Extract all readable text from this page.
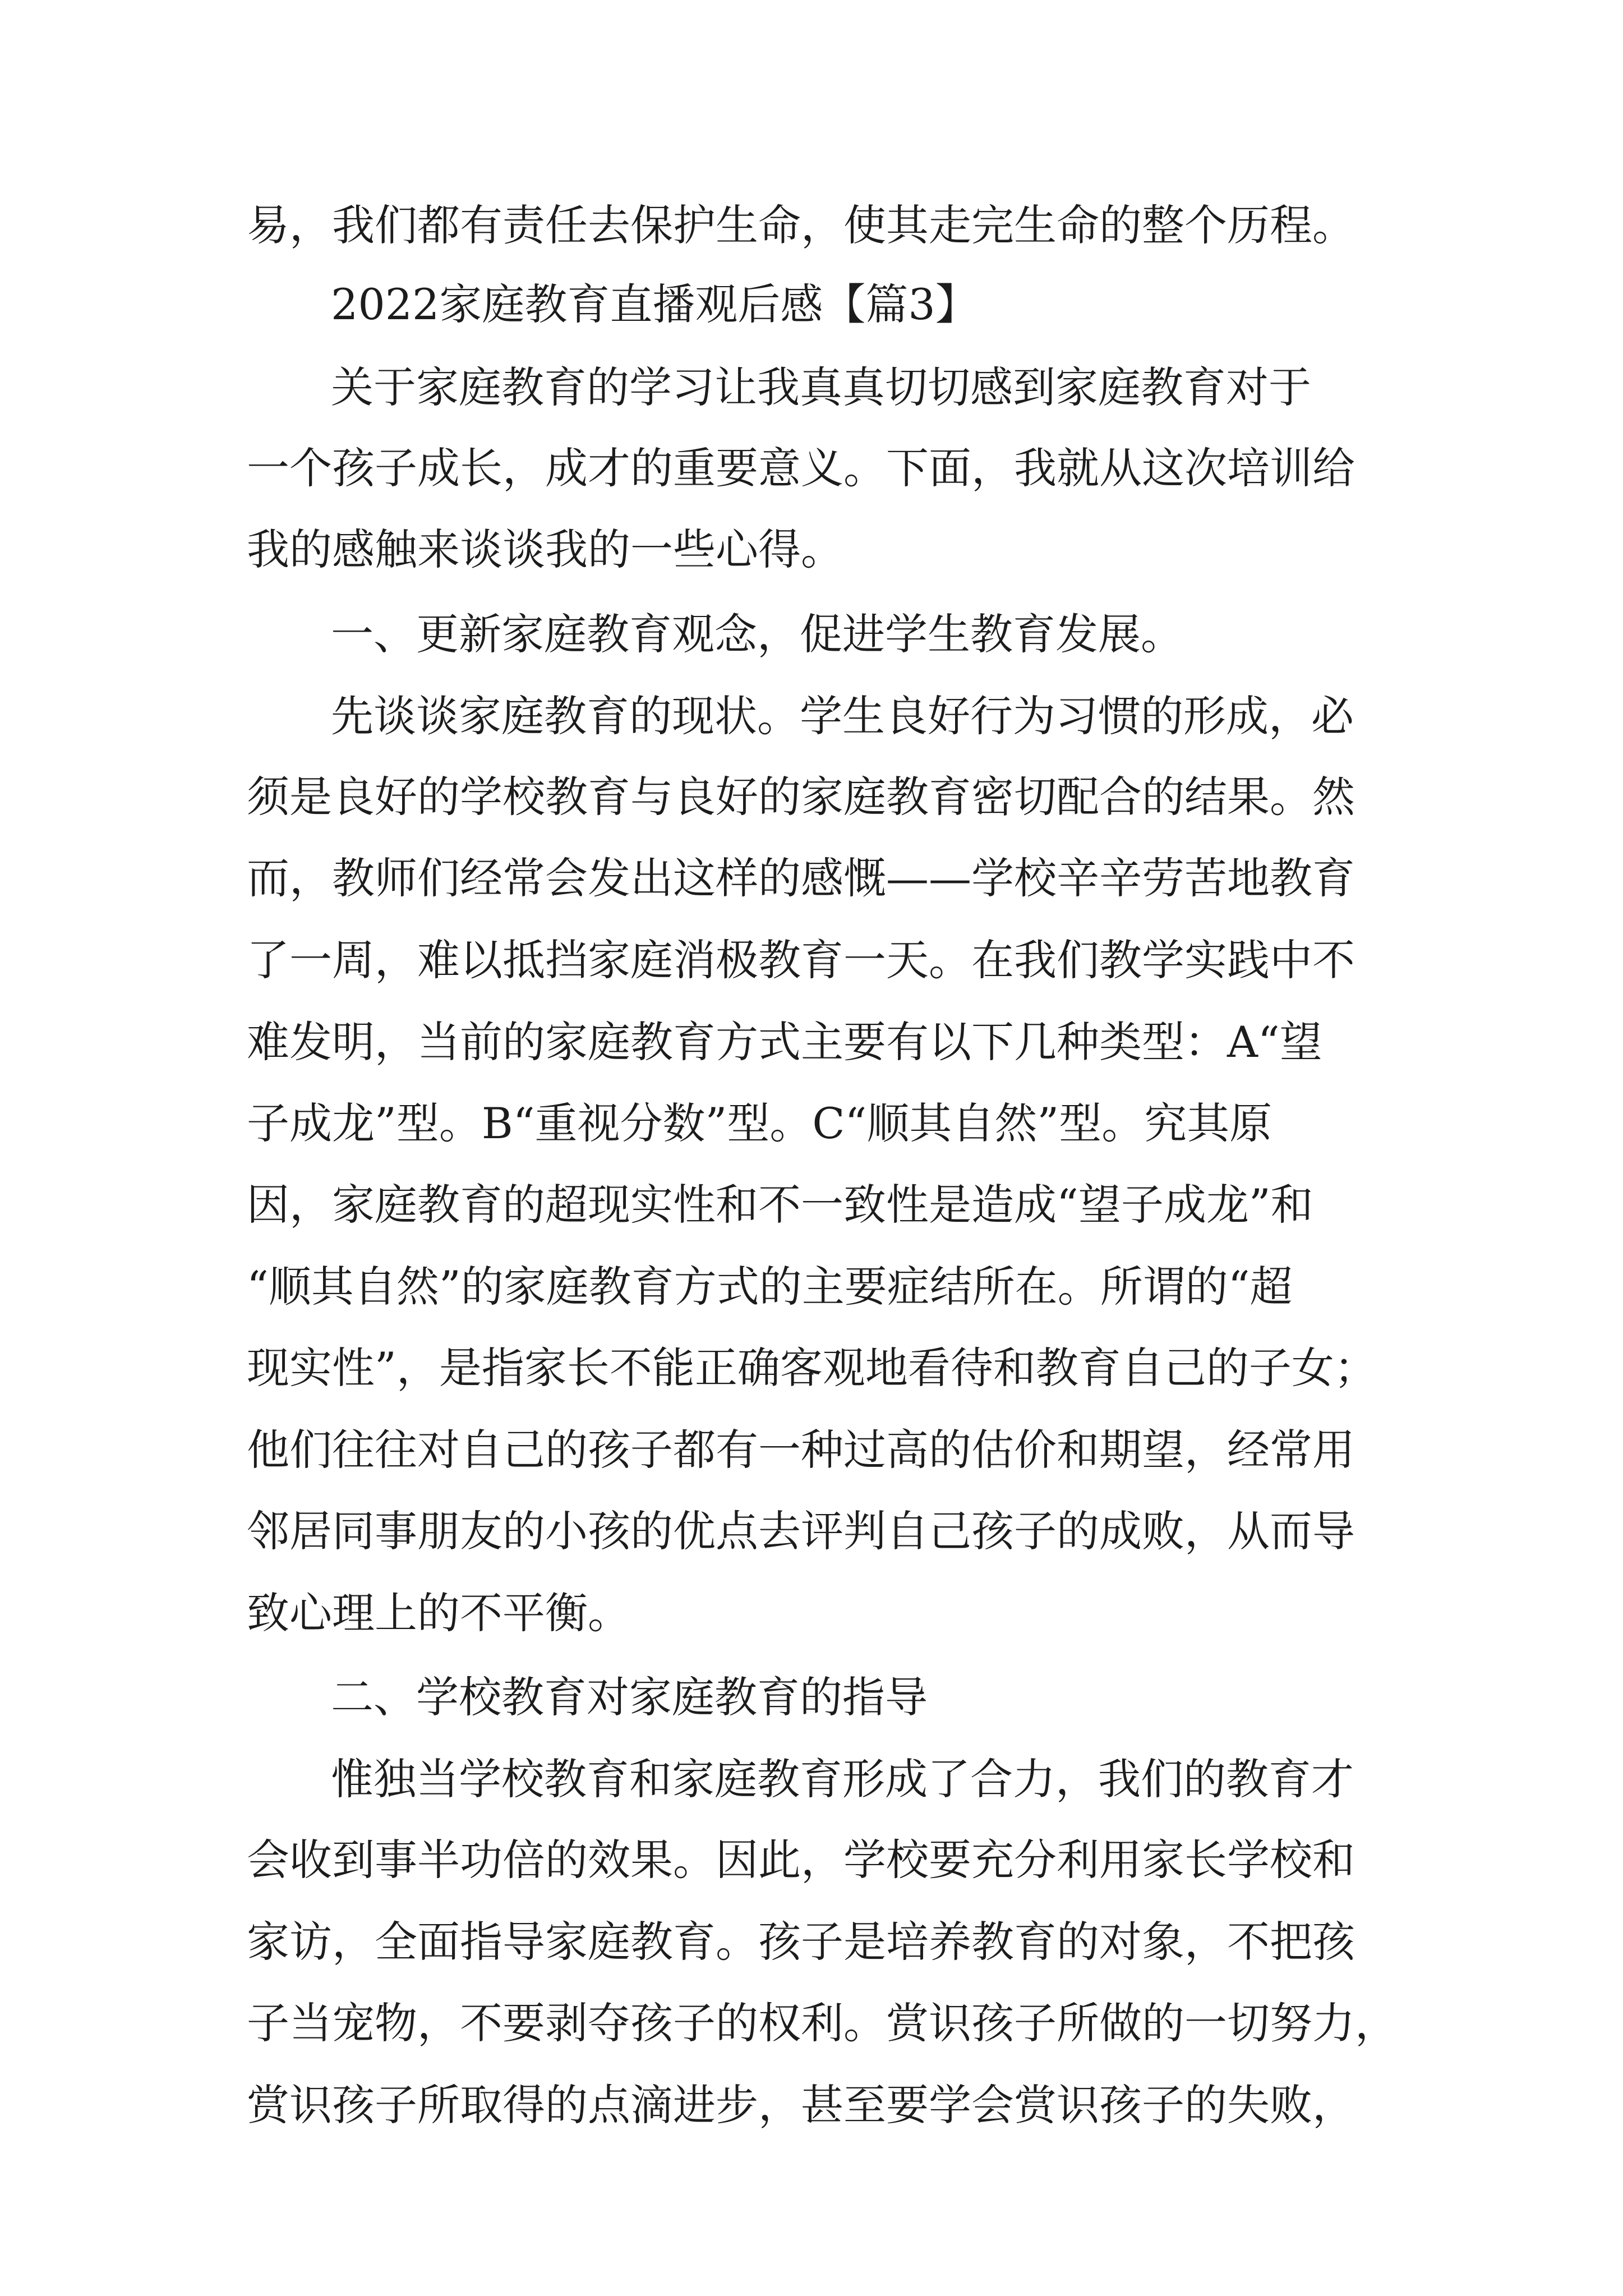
易，我们都有责任去保护生命，使其走完生命的整个历程。
2022家庭教育直播观后感【篇3】
关于家庭教育的学习让我真真切切感到家庭教育对于
一个孩子成长，成才的重要意义。下面，我就从这次培训给
我的感触来谈谈我的一些心得。
一、更新家庭教育观念，促进学生教育发展。
先谈谈家庭教育的现状。学生良好行为习惯的形成，必
须是良好的学校教育与良好的家庭教育密切配合的结果。然
而，教师们经常会发出这样的感慨——学校辛辛劳苦地教育
了一周，难以抵挡家庭消极教育一天。在我们教学实践中不
难发明，当前的家庭教育方式主要有以下几种类型：A“望
子成龙”型。B“重视分数”型。C“顺其自然”型。究其原
因，家庭教育的超现实性和不一致性是造成“望子成龙”和
“顺其自然”的家庭教育方式的主要症结所在。所谓的“超
现实性”，是指家长不能正确客观地看待和教育自己的子女；
他们往往对自己的孩子都有一种过高的估价和期望，经常用
邻居同事朋友的小孩的优点去评判自己孩子的成败，从而导
致心理上的不平衡。
二、学校教育对家庭教育的指导
惟独当学校教育和家庭教育形成了合力，我们的教育才
会收到事半功倍的效果。因此，学校要充分利用家长学校和
家访，全面指导家庭教育。孩子是培养教育的对象，不把孩
子当宠物，不要剥夺孩子的权利。赏识孩子所做的一切努力，
赏识孩子所取得的点滴进步，甚至要学会赏识孩子的失败，
